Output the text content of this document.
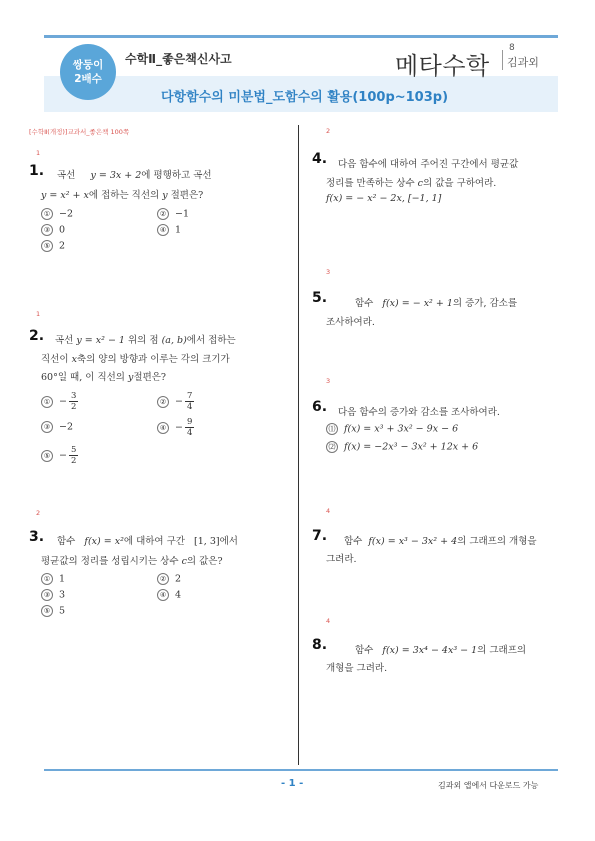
쌍둥이
2배수
수학Ⅱ_좋은책신사고	메타수학
8
김과외
다항함수의 미분법_도함수의 활용(100p~103p)
[수학Ⅱ(개정)]교과서_좋은책 100쪽
1
1. 곡선 y = 3x + 2에 평행하고 곡선
y = x² + x에 접하는 직선의 y 절편은?
① −2	② −1
③ 0	④ 1
⑤ 2
1
2. 곡선 y = x² − 1 위의 점 (a, b)에서 접하는
직선이 x축의 양의 방향과 이루는 각의 크기가
60°일 때, 이 직선의 y절편은?
① − $\frac{3}{2}$	② − $\frac{7}{4}$
③ −2	④ − $\frac{9}{4}$
⑤ − $\frac{5}{2}$
2
3. 함수 f(x) = x²에 대하여 구간 [1, 3]에서
평균값의 정리를 성립시키는 상수 c의 값은?
① 1	② 2
③ 3	④ 4
⑤ 5
2
4. 다음 함수에 대하여 주어진 구간에서 평균값
정리를 만족하는 상수 c의 값을 구하여라.
f(x) = − x² − 2x, [−1, 1]
3
5.	함수 f(x) = − x² + 1의 증가, 감소를
조사하여라.
3
6. 다음 함수의 증가와 감소를 조사하여라.
⑴ f(x) = x³ + 3x² − 9x − 6
⑵ f(x) = −2x³ − 3x² + 12x + 6
4
7. 함수 f(x) = x³ − 3x² + 4의 그래프의 개형을
그려라.
4
8.	함수 f(x) = 3x⁴ − 4x³ − 1의 그래프의
개형을 그려라.
- 1 -	김과외 앱에서 다운로드 가능
